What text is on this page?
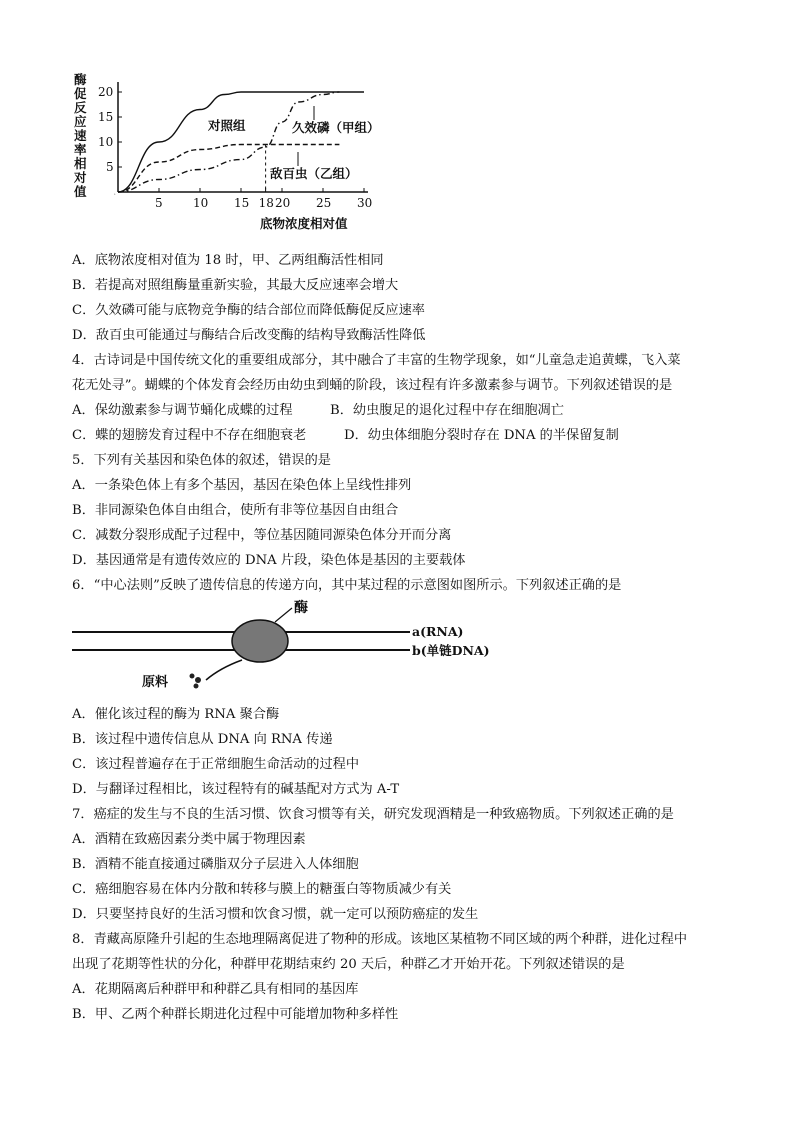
酶
促
反
应
速
率
相
对
值
5	10 15 18 20 25 30
5
10
15
20
对照组	久效磷（甲组）
敌百虫（乙组）
0
底物浓度相对值
A．底物浓度相对值为 18 时，甲、乙两组酶活性相同
B．若提高对照组酶量重新实验，其最大反应速率会增大
C．久效磷可能与底物竞争酶的结合部位而降低酶促反应速率
D．敌百虫可能通过与酶结合后改变酶的结构导致酶活性降低
4．古诗词是中国传统文化的重要组成部分，其中融合了丰富的生物学现象，如“儿童急走追黄蝶，飞入菜
花无处寻”。蝴蝶的个体发育会经历由幼虫到蛹的阶段，该过程有许多激素参与调节。下列叙述错误的是
A．保幼激素参与调节蛹化成蝶的过程	B．幼虫腹足的退化过程中存在细胞凋亡
C．蝶的翅膀发育过程中不存在细胞衰老	D．幼虫体细胞分裂时存在 DNA 的半保留复制
5．下列有关基因和染色体的叙述，错误的是
A．一条染色体上有多个基因，基因在染色体上呈线性排列
B．非同源染色体自由组合，使所有非等位基因自由组合
C．减数分裂形成配子过程中，等位基因随同源染色体分开而分离
D．基因通常是有遗传效应的 DNA 片段，染色体是基因的主要载体
6．“中心法则”反映了遗传信息的传递方向，其中某过程的示意图如图所示。下列叙述正确的是
酶
a(RNA)
b(单链DNA)
原料
A．催化该过程的酶为 RNA 聚合酶
B．该过程中遗传信息从 DNA 向 RNA 传递
C．该过程普遍存在于正常细胞生命活动的过程中
D．与翻译过程相比，该过程特有的碱基配对方式为 A-T
7．癌症的发生与不良的生活习惯、饮食习惯等有关，研究发现酒精是一种致癌物质。下列叙述正确的是
A．酒精在致癌因素分类中属于物理因素
B．酒精不能直接通过磷脂双分子层进入人体细胞
C．癌细胞容易在体内分散和转移与膜上的糖蛋白等物质减少有关
D．只要坚持良好的生活习惯和饮食习惯，就一定可以预防癌症的发生
8．青藏高原隆升引起的生态地理隔离促进了物种的形成。该地区某植物不同区域的两个种群，进化过程中
出现了花期等性状的分化，种群甲花期结束约 20 天后，种群乙才开始开花。下列叙述错误的是
A．花期隔离后种群甲和种群乙具有相同的基因库
B．甲、乙两个种群长期进化过程中可能增加物种多样性
